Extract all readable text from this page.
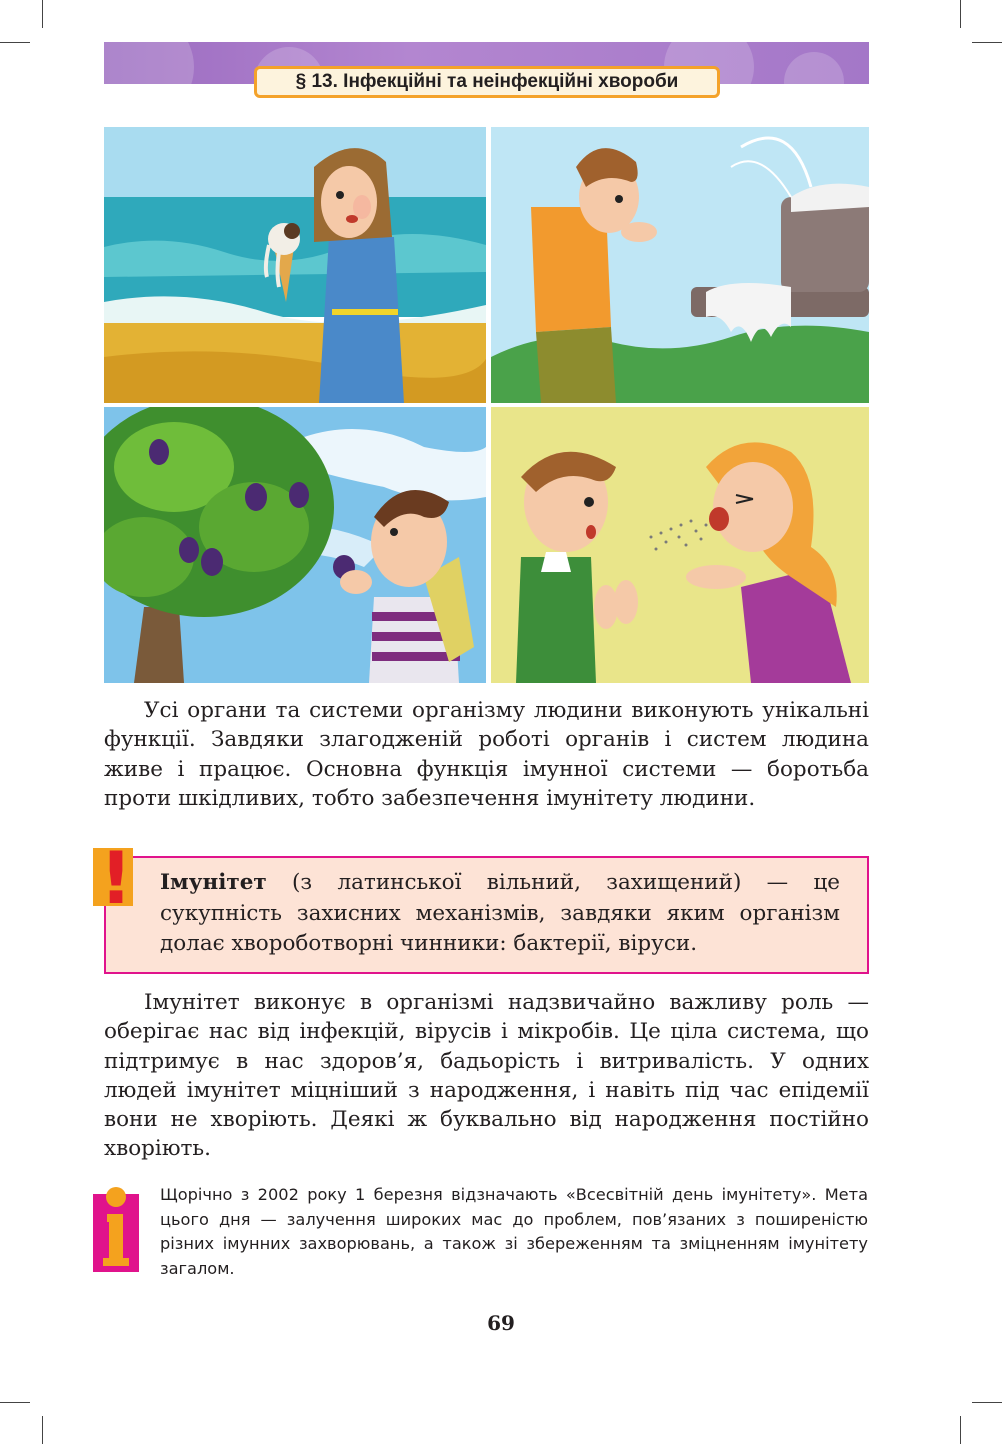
§ 13. Інфекційні та неінфекційні хвороби

Усі органи та системи організму людини виконують унікальні функції. Завдяки злагодженій роботі органів і систем людина живе і працює. Основна функція імунної системи — боротьба проти шкідливих, тобто забезпечення імунітету людини.

! Імунітет (з латинської вільний, захищений) — це сукупність захисних механізмів, завдяки яким організм долає хвороботворні чинники: бактерії, віруси.

Імунітет виконує в організмі надзвичайно важливу роль — оберігає нас від інфекцій, вірусів і мікробів. Це ціла система, що підтримує в нас здоров’я, бадьорість і витривалість. У одних людей імунітет міцніший з народження, і навіть під час епідемії вони не хворіють. Деякі ж буквально від народження постійно хворіють.

Щорічно з 2002 року 1 березня відзначають «Всесвітній день імунітету». Мета цього дня — залучення широких мас до проблем, пов’язаних з поширеністю різних імунних захворювань, а також зі збереженням та зміцненням імунітету загалом.

69
